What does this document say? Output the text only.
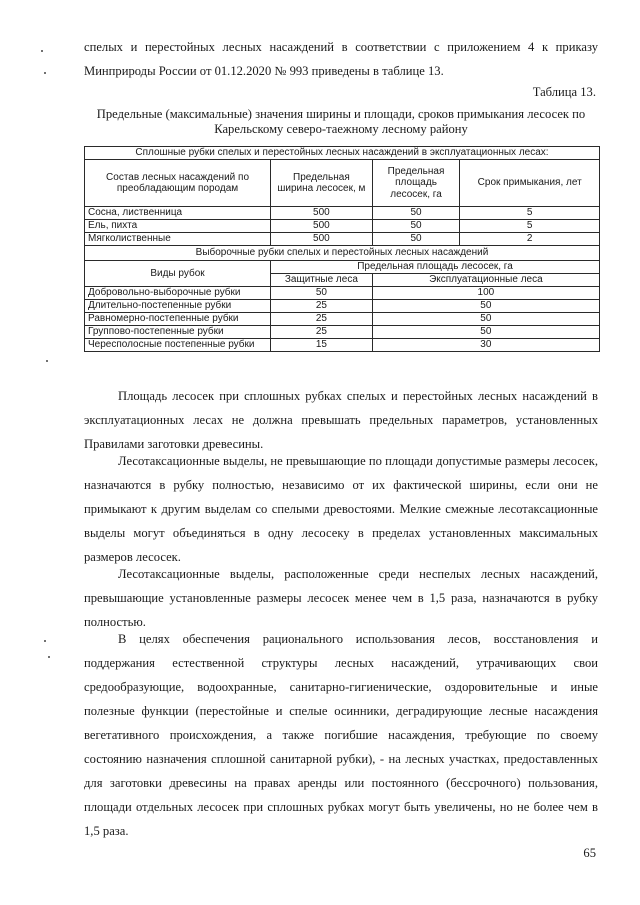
спелых и перестойных лесных насаждений в соответствии с приложением 4 к приказу Минприроды России от 01.12.2020 № 993 приведены в таблице 13.
Таблица 13.
Предельные (максимальные) значения ширины и площади, сроков примыкания лесосек по Карельскому северо-таежному лесному району
Сплошные рубки спелых и перестойных лесных насаждений в эксплуатационных лесах:			
Состав лесных насаждений по преобладающим породам	Предельная ширина лесосек, м	Предельная площадь лесосек, га	Срок примыкания, лет
Сосна, лиственница	500	50	5
Ель, пихта	500	50	5
Мягколиственные	500	50	2
Выборочные рубки спелых и перестойных лесных насаждений			
Виды рубок	Предельная площадь лесосек, га		
	Защитные леса	Эксплуатационные леса	
Добровольно-выборочные рубки	50	100	
Длительно-постепенные рубки	25	50	
Равномерно-постепенные рубки	25	50	
Группово-постепенные рубки	25	50	
Чересполосные постепенные рубки	15	30	
Площадь лесосек при сплошных рубках спелых и перестойных лесных насаждений в эксплуатационных лесах не должна превышать предельных параметров, установленных Правилами заготовки древесины.
Лесотаксационные выделы, не превышающие по площади допустимые размеры лесосек, назначаются в рубку полностью, независимо от их фактической ширины, если они не примыкают к другим выделам со спелыми древостоями. Мелкие смежные лесотаксационные выделы могут объединяться в одну лесосеку в пределах установленных максимальных размеров лесосек.
Лесотаксационные выделы, расположенные среди неспелых лесных насаждений, превышающие установленные размеры лесосек менее чем в 1,5 раза, назначаются в рубку полностью.
В целях обеспечения рационального использования лесов, восстановления и поддержания естественной структуры лесных насаждений, утрачивающих свои средообразующие, водоохранные, санитарно-гигиенические, оздоровительные и иные полезные функции (перестойные и спелые осинники, деградирующие лесные насаждения вегетативного происхождения, а также погибшие насаждения, требующие по своему состоянию назначения сплошной санитарной рубки), - на лесных участках, предоставленных для заготовки древесины на правах аренды или постоянного (бессрочного) пользования, площади отдельных лесосек при сплошных рубках могут быть увеличены, но не более чем в 1,5 раза.
65
